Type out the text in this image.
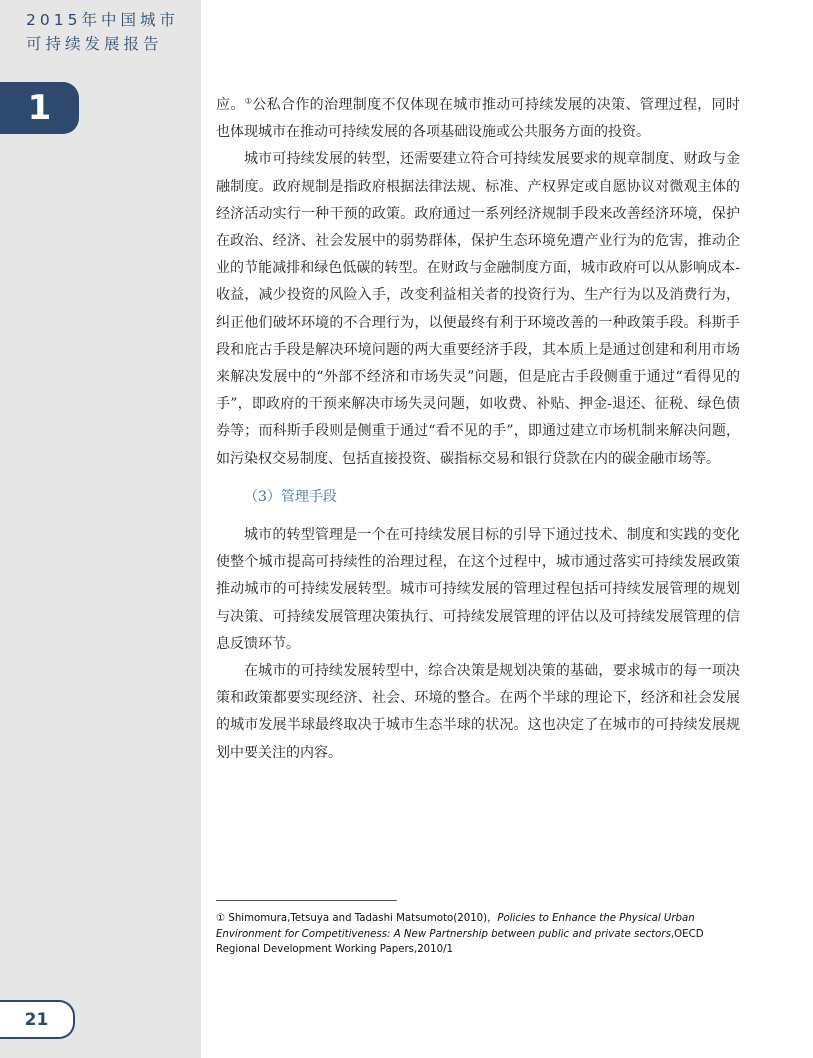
2015年中国城市
可持续发展报告
1
21

应。①公私合作的治理制度不仅体现在城市推动可持续发展的决策、管理过程，同时也体现城市在推动可持续发展的各项基础设施或公共服务方面的投资。

城市可持续发展的转型，还需要建立符合可持续发展要求的规章制度、财政与金融制度。政府规制是指政府根据法律法规、标准、产权界定或自愿协议对微观主体的经济活动实行一种干预的政策。政府通过一系列经济规制手段来改善经济环境，保护在政治、经济、社会发展中的弱势群体，保护生态环境免遭产业行为的危害，推动企业的节能减排和绿色低碳的转型。在财政与金融制度方面，城市政府可以从影响成本-收益，减少投资的风险入手，改变利益相关者的投资行为、生产行为以及消费行为， 纠正他们破坏环境的不合理行为，以便最终有利于环境改善的一种政策手段。科斯手段和庇古手段是解决环境问题的两大重要经济手段，其本质上是通过创建和利用市场来解决发展中的“外部不经济和市场失灵”问题，但是庇古手段侧重于通过“看得见的手”，即政府的干预来解决市场失灵问题，如收费、补贴、押金-退还、征税、绿色债券等；而科斯手段则是侧重于通过“看不见的手”，即通过建立市场机制来解决问题，如污染权交易制度、包括直接投资、碳指标交易和银行贷款在内的碳金融市场等。

（3）管理手段

城市的转型管理是一个在可持续发展目标的引导下通过技术、制度和实践的变化使整个城市提高可持续性的治理过程，在这个过程中，城市通过落实可持续发展政策推动城市的可持续发展转型。城市可持续发展的管理过程包括可持续发展管理的规划与决策、可持续发展管理决策执行、可持续发展管理的评估以及可持续发展管理的信息反馈环节。

在城市的可持续发展转型中，综合决策是规划决策的基础，要求城市的每一项决策和政策都要实现经济、社会、环境的整合。在两个半球的理论下，经济和社会发展的城市发展半球最终取决于城市生态半球的状况。这也决定了在城市的可持续发展规划中要关注的内容。

① Shimomura,Tetsuya and Tadashi Matsumoto(2010)，Policies to Enhance the Physical Urban Environment for Competitiveness: A New Partnership between public and private sectors,OECD Regional Development Working Papers,2010/1
